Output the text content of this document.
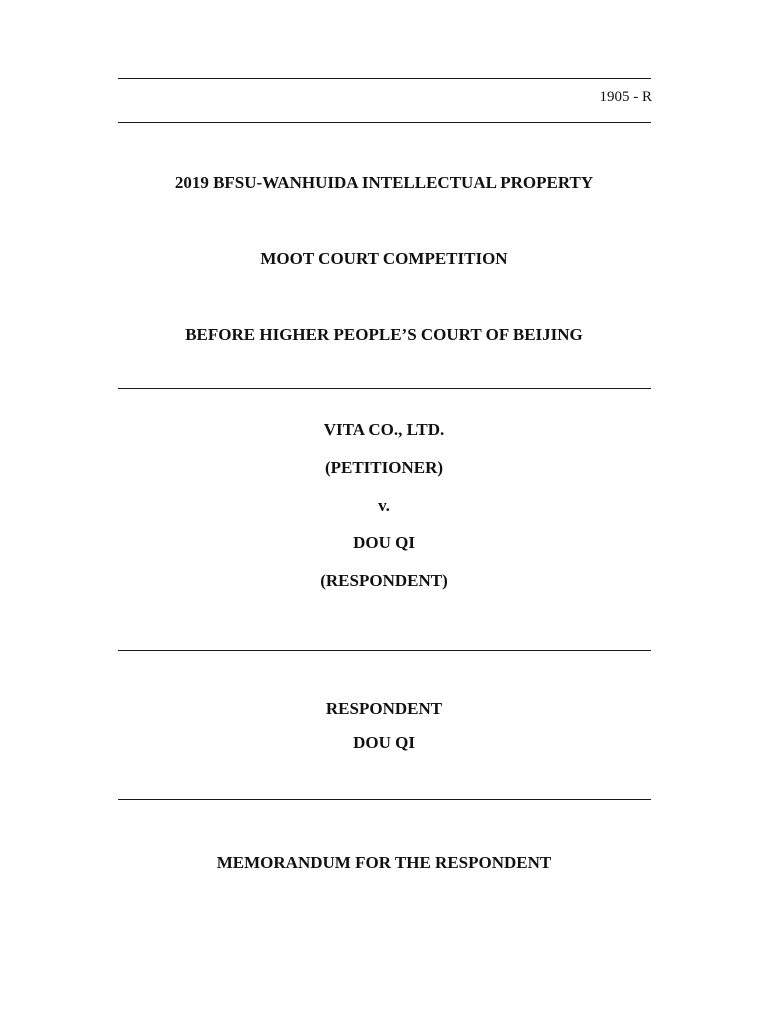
1905 - R
2019 BFSU-WANHUIDA INTELLECTUAL PROPERTY
MOOT COURT COMPETITION
BEFORE HIGHER PEOPLE’S COURT OF BEIJING
VITA CO., LTD.
(PETITIONER)
v.
DOU QI
(RESPONDENT)
RESPONDENT
DOU QI
MEMORANDUM FOR THE RESPONDENT
